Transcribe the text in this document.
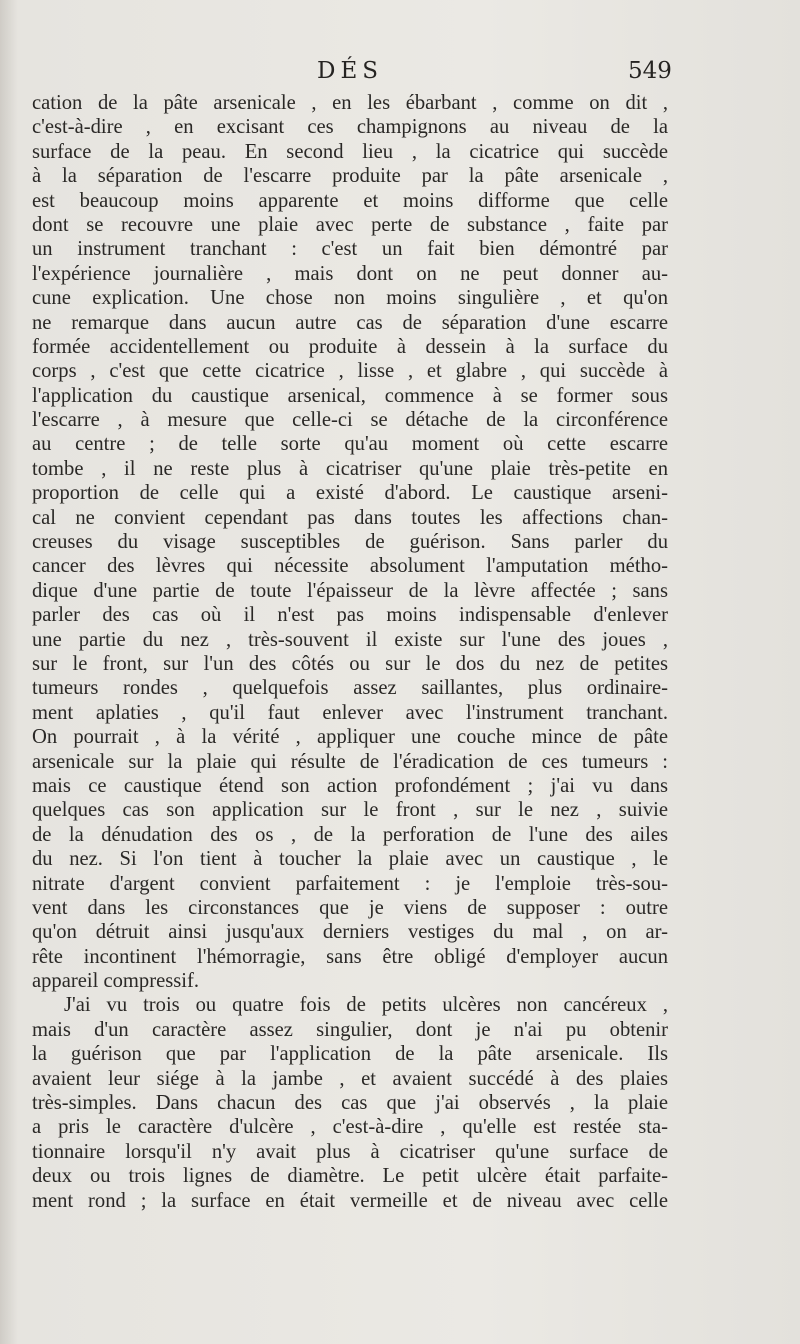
DÉS	549
cation de la pâte arsenicale , en les ébarbant , comme on dit ,
c'est-à-dire , en excisant ces champignons au niveau de la
surface de la peau. En second lieu , la cicatrice qui succède
à la séparation de l'escarre produite par la pâte arsenicale ,
est beaucoup moins apparente et moins difforme que celle
dont se recouvre une plaie avec perte de substance , faite par
un instrument tranchant : c'est un fait bien démontré par
l'expérience journalière , mais dont on ne peut donner au-
cune explication. Une chose non moins singulière , et qu'on
ne remarque dans aucun autre cas de séparation d'une escarre
formée accidentellement ou produite à dessein à la surface du
corps , c'est que cette cicatrice , lisse , et glabre , qui succède à
l'application du caustique arsenical, commence à se former sous
l'escarre , à mesure que celle-ci se détache de la circonférence
au centre ; de telle sorte qu'au moment où cette escarre
tombe , il ne reste plus à cicatriser qu'une plaie très-petite en
proportion de celle qui a existé d'abord. Le caustique arseni-
cal ne convient cependant pas dans toutes les affections chan-
creuses du visage susceptibles de guérison. Sans parler du
cancer des lèvres qui nécessite absolument l'amputation métho-
dique d'une partie de toute l'épaisseur de la lèvre affectée ; sans
parler des cas où il n'est pas moins indispensable d'enlever
une partie du nez , très-souvent il existe sur l'une des joues ,
sur le front, sur l'un des côtés ou sur le dos du nez de petites
tumeurs rondes , quelquefois assez saillantes, plus ordinaire-
ment aplaties , qu'il faut enlever avec l'instrument tranchant.
On pourrait , à la vérité , appliquer une couche mince de pâte
arsenicale sur la plaie qui résulte de l'éradication de ces tumeurs :
mais ce caustique étend son action profondément ; j'ai vu dans
quelques cas son application sur le front , sur le nez , suivie
de la dénudation des os , de la perforation de l'une des ailes
du nez. Si l'on tient à toucher la plaie avec un caustique , le
nitrate d'argent convient parfaitement : je l'emploie très-sou-
vent dans les circonstances que je viens de supposer : outre
qu'on détruit ainsi jusqu'aux derniers vestiges du mal , on ar-
rête incontinent l'hémorragie, sans être obligé d'employer aucun
appareil compressif.
J'ai vu trois ou quatre fois de petits ulcères non cancéreux ,
mais d'un caractère assez singulier, dont je n'ai pu obtenir
la guérison que par l'application de la pâte arsenicale. Ils
avaient leur siége à la jambe , et avaient succédé à des plaies
très-simples. Dans chacun des cas que j'ai observés , la plaie
a pris le caractère d'ulcère , c'est-à-dire , qu'elle est restée sta-
tionnaire lorsqu'il n'y avait plus à cicatriser qu'une surface de
deux ou trois lignes de diamètre. Le petit ulcère était parfaite-
ment rond ; la surface en était vermeille et de niveau avec celle
